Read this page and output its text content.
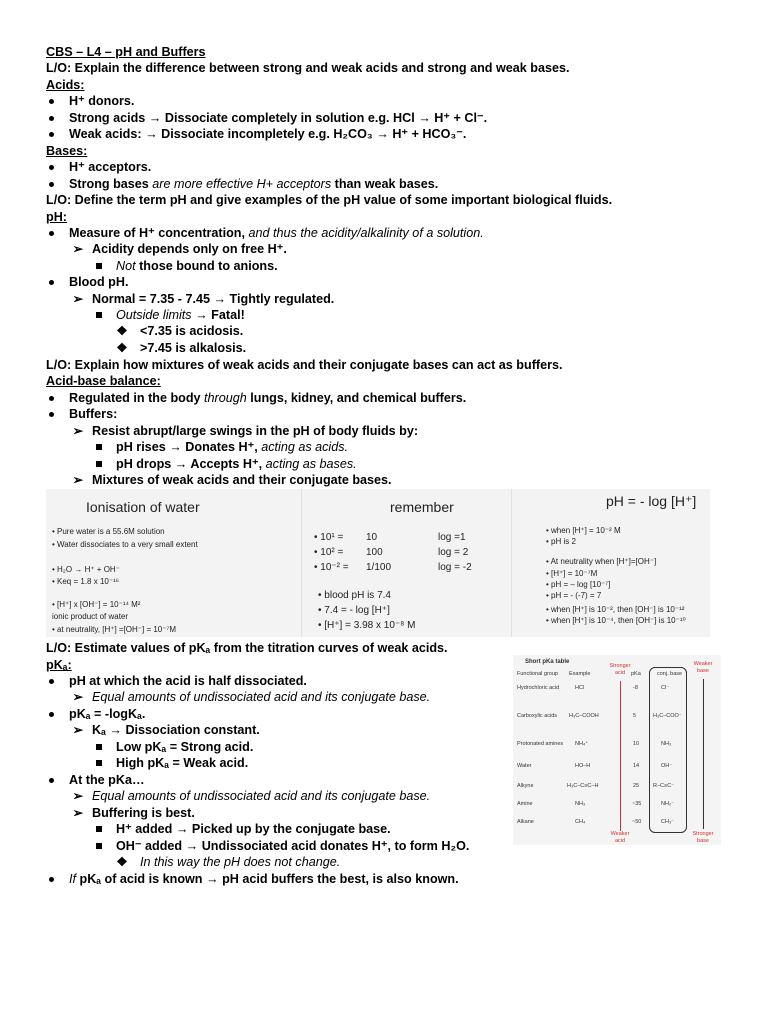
CBS – L4 – pH and Buffers
L/O: Explain the difference between strong and weak acids and strong and weak bases.
Acids:
H⁺ donors.
Strong acids → Dissociate completely in solution e.g. HCl → H⁺ + Cl⁻.
Weak acids: → Dissociate incompletely e.g. H₂CO₃ → H⁺ + HCO₃⁻.
Bases:
H⁺ acceptors.
Strong bases are more effective H+ acceptors than weak bases.
L/O: Define the term pH and give examples of the pH value of some important biological fluids.
pH:
Measure of H⁺ concentration, and thus the acidity/alkalinity of a solution.
➢ Acidity depends only on free H⁺.
Not those bound to anions.
Blood pH.
➢ Normal = 7.35 - 7.45 → Tightly regulated.
Outside limits → Fatal!
❖ <7.35 is acidosis.
❖ >7.45 is alkalosis.
L/O: Explain how mixtures of weak acids and their conjugate bases can act as buffers.
Acid-base balance:
Regulated in the body through lungs, kidney, and chemical buffers.
Buffers:
➢ Resist abrupt/large swings in the pH of body fluids by:
pH rises → Donates H⁺, acting as acids.
pH drops → Accepts H⁺, acting as bases.
➢ Mixtures of weak acids and their conjugate bases.
Ionisation of water
• Pure water is a 55.6M solution
• Water dissociates to a very small extent
• H₂O → H⁺ + OH⁻
• Keq = 1.8 x 10⁻¹⁶
• [H⁺] x [OH⁻] = 10⁻¹⁴ M²
ionic product of water
• at neutrality, [H⁺] =[OH⁻] = 10⁻⁷M
remember
• 10¹ = 10	log =1
• 10² = 100	log = 2
• 10⁻² = 1/100	log = -2
• blood pH is 7.4
• 7.4 = - log [H⁺]
• [H⁺] = 3.98 x 10⁻⁸ M
pH = - log [H⁺]
• when [H⁺] = 10⁻² M
• pH is 2
• At neutrality when [H⁺]=[OH⁻]
• [H⁺] = 10⁻⁷M
• pH = – log [10⁻⁷]
• pH = - (-7) = 7
• when [H⁺] is 10⁻², then [OH⁻] is 10⁻¹²
• when [H⁺] is 10⁻⁴, then [OH⁻] is 10⁻¹⁰
L/O: Estimate values of pKₐ from the titration curves of weak acids.
pKₐ:
pH at which the acid is half dissociated.
➢ Equal amounts of undissociated acid and its conjugate base.
pKₐ = -logKₐ.
➢ Kₐ → Dissociation constant.
Low pKₐ = Strong acid.
High pKₐ = Weak acid.
At the pKa…
➢ Equal amounts of undissociated acid and its conjugate base.
➢ Buffering is best.
H⁺ added → Picked up by the conjugate base.
OH⁻ added → Undissociated acid donates H⁺, to form H₂O.
❖ In this way the pH does not change.
If pKₐ of acid is known → pH acid buffers the best, is also known.
Short pKa table
Functional group Example	pKa	conj. base
Stronger acid
Weaker base
Weaker acid
Stronger base
Hydrochloric acid	HCl	-8	Cl⁻
Carboxylic acids H₃C–COOH	5	H₃C–COO⁻
Protonated amines NH₄⁺	10	NH₃
Water	HO–H	14	OH⁻
Alkyne	H₃C–C≡C–H	25	R–C≡C⁻
Amine	NH₃	~35	NH₂⁻
Alkane	CH₄	~50	CH₃⁻
